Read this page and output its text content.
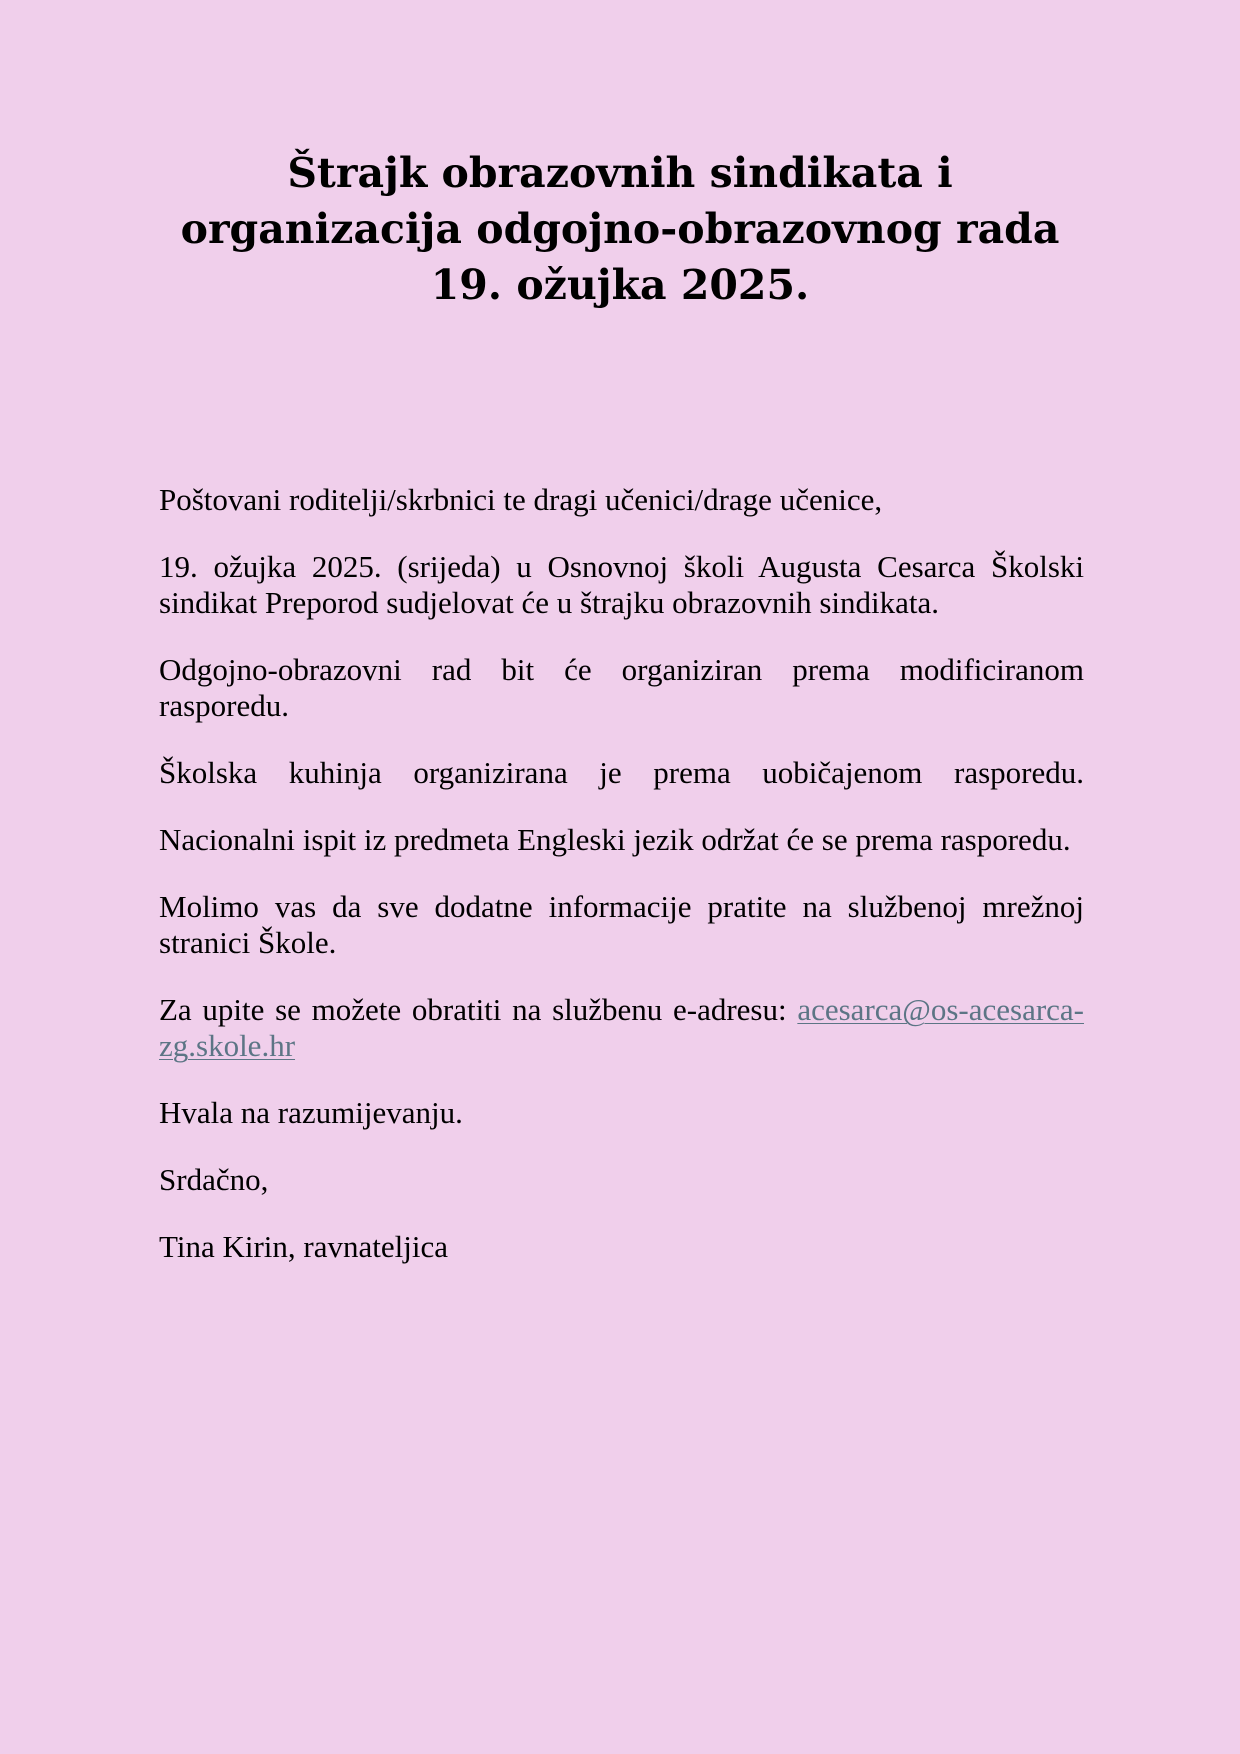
Štrajk obrazovnih sindikata i
organizacija odgojno-obrazovnog rada
19. ožujka 2025.

Poštovani roditelji/skrbnici te dragi učenici/drage učenice,

19. ožujka 2025. (srijeda) u Osnovnoj školi Augusta Cesarca Školski sindikat Preporod sudjelovat će u štrajku obrazovnih sindikata.

Odgojno-obrazovni rad bit će organiziran prema modificiranom rasporedu.

Školska kuhinja organizirana je prema uobičajenom rasporedu.

Nacionalni ispit iz predmeta Engleski jezik održat će se prema rasporedu.

Molimo vas da sve dodatne informacije pratite na službenoj mrežnoj stranici Škole.

Za upite se možete obratiti na službenu e-adresu: acesarca@os-acesarca-zg.skole.hr

Hvala na razumijevanju.

Srdačno,

Tina Kirin, ravnateljica
